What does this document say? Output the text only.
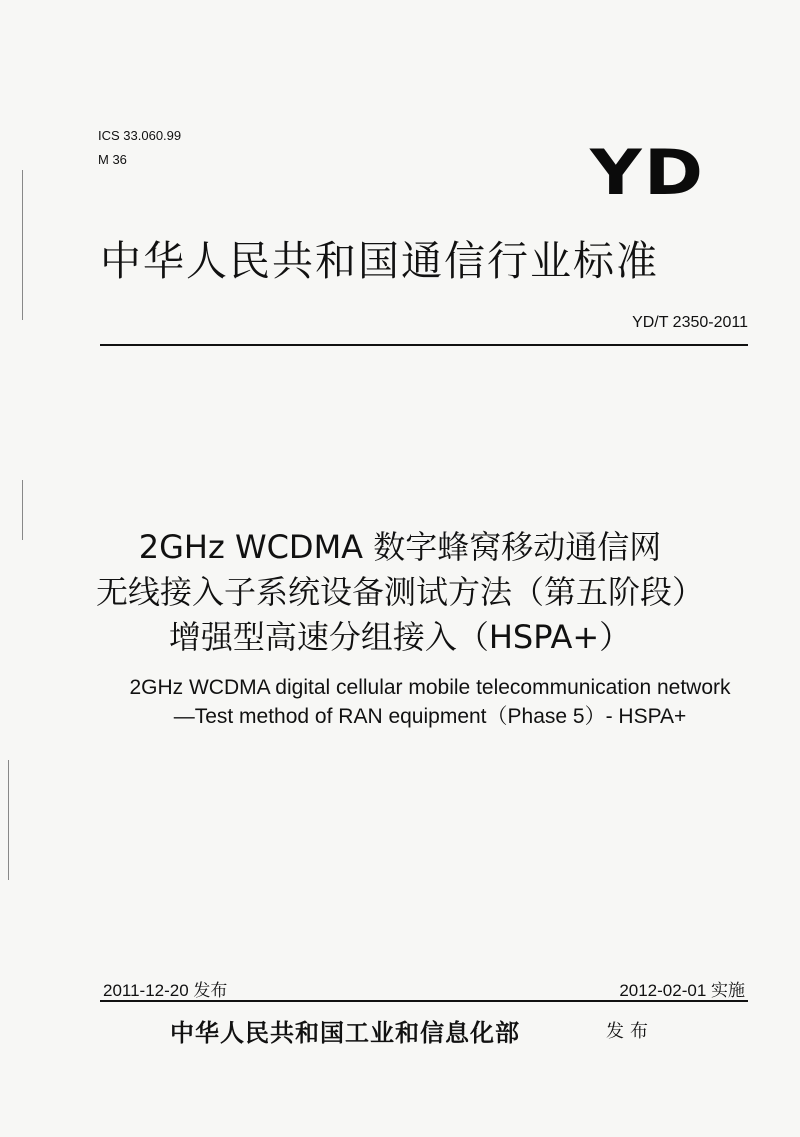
ICS 33.060.99
M 36	YD
中华人民共和国通信行业标准
YD/T 2350-2011
2GHz WCDMA 数字蜂窝移动通信网
无线接入子系统设备测试方法（第五阶段）
增强型高速分组接入（HSPA+）
2GHz WCDMA digital cellular mobile telecommunication network
—Test method of RAN equipment（Phase 5）- HSPA+
2011-12-20 发布	2012-02-01 实施
中华人民共和国工业和信息化部	发布
